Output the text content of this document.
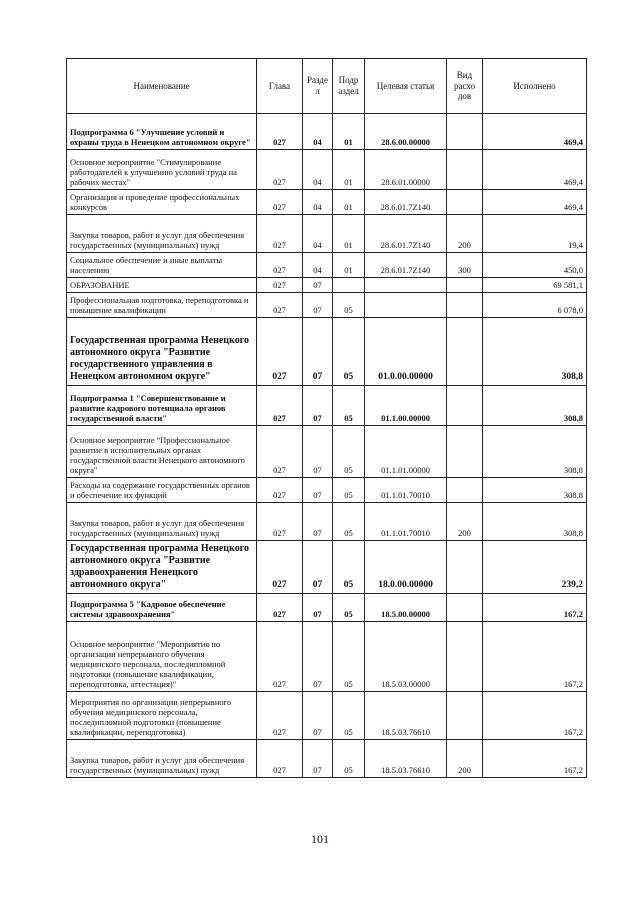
Наименование	Глава	Разде л	Подр аздел	Целевая статья	Вид расхо дов	Исполнено
Подпрограмма 6 "Улучшение условий и охраны труда в Ненецком автономном округе"	027	04	01	28.6.00.00000		469,4
Основное мероприятие "Стимулирование работодателей к улучшению условий труда на рабочих местах"	027	04	01	28.6.01.00000		469,4
Организация и проведение профессиональных конкурсов	027	04	01	28.6.01.7Z140		469,4
Закупка товаров, работ и услуг для обеспечения государственных (муниципальных) нужд	027	04	01	28.6.01.7Z140	200	19,4
Социальное обеспечение и иные выплаты населению	027	04	01	28.6.01.7Z140	300	450,0
ОБРАЗОВАНИЕ	027	07				69 581,1
Профессиональная подготовка, переподготовка и повышение квалификации	027	07	05			6 078,0
Государственная программа Ненецкого автономного округа "Развитие государственного управления в Ненецком автономном округе"	027	07	05	01.0.00.00000		308,8
Подпрограмма 1 "Совершенствование и развитие кадрового потенциала органов государственной власти"	027	07	05	01.1.00.00000		308,8
Основное мероприятие "Профессиональное развитие в исполнительных органах государственной власти Ненецкого автономного округа"	027	07	05	01.1.01.00000		308,8
Расходы на содержание государственных органов и обеспечение их функций	027	07	05	01.1.01.70010		308,8
Закупка товаров, работ и услуг для обеспечения государственных (муниципальных) нужд	027	07	05	01.1.01.70010	200	308,8
Государственная программа Ненецкого автономного округа "Развитие здравоохранения Ненецкого автономного округа"	027	07	05	18.0.00.00000		239,2
Подпрограмма 5 "Кадровое обеспечение системы здравоохранения"	027	07	05	18.5.00.00000		167,2
Основное мероприятие "Мероприятия по организации непрерывного обучения медицинского персонала, последипломной подготовки (повышение квалификации, переподготовка, аттестация)"	027	07	05	18.5.03.00000		167,2
Мероприятия по организации непрерывного обучения медицинского персонала, последипломной подготовки (повышение квалификации, переподготовка)	027	07	05	18.5.03.76610		167,2
Закупка товаров, работ и услуг для обеспечения государственных (муниципальных) нужд	027	07	05	18.5.03.76610	200	167,2
101
